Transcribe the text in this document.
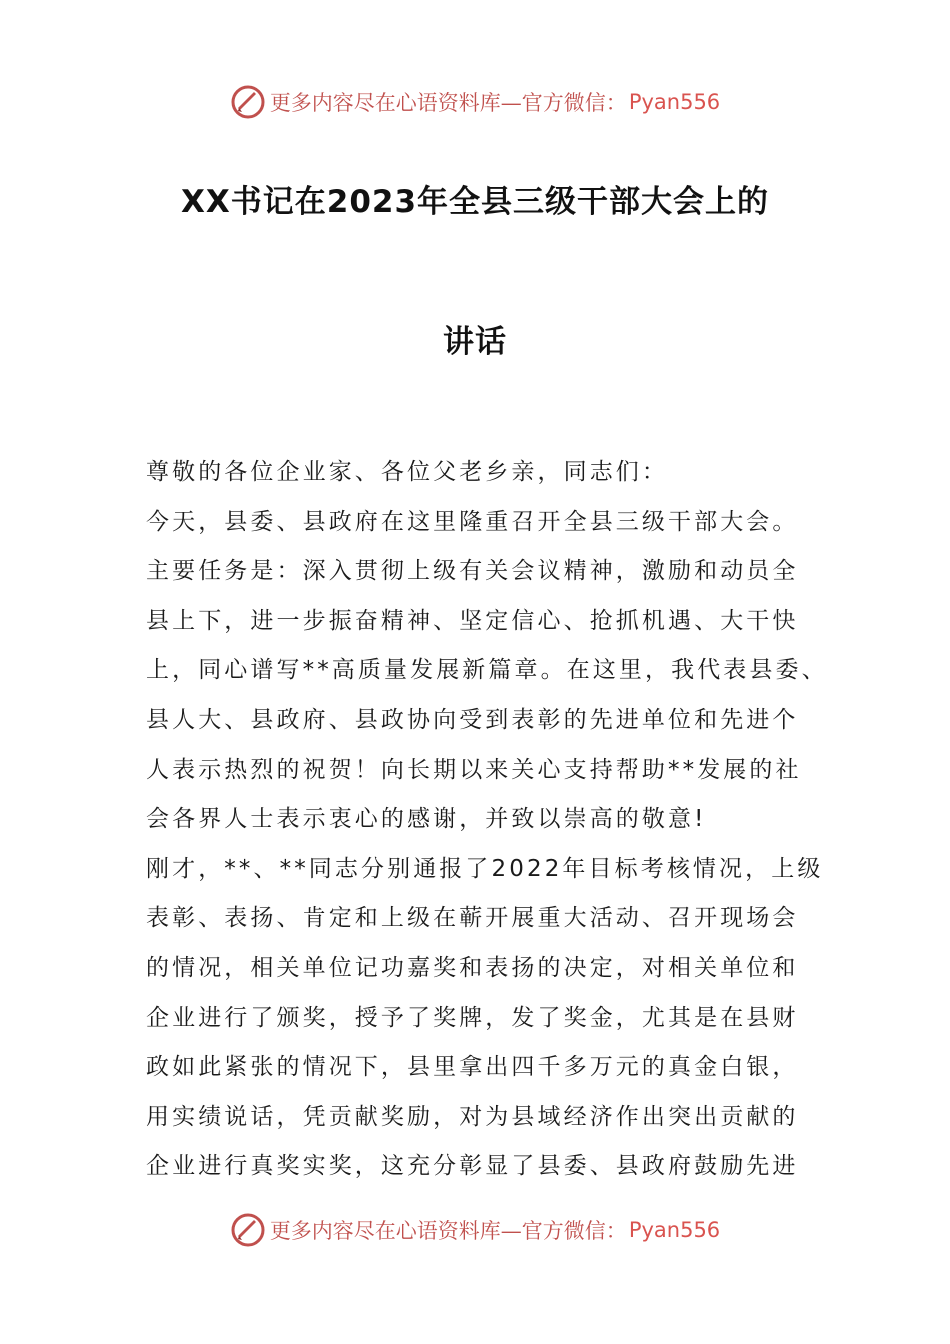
更多内容尽在心语资料库—官方微信： Pyan556
XX书记在2023年全县三级干部大会上的
讲话
尊敬的各位企业家、各位父老乡亲，同志们：
今天，县委、县政府在这里隆重召开全县三级干部大会。
主要任务是：深入贯彻上级有关会议精神，激励和动员全
县上下，进一步振奋精神、坚定信心、抢抓机遇、大干快
上，同心谱写**高质量发展新篇章。在这里，我代表县委、
县人大、县政府、县政协向受到表彰的先进单位和先进个
人表示热烈的祝贺！向长期以来关心支持帮助**发展的社
会各界人士表示衷心的感谢，并致以崇高的敬意!
刚才，**、**同志分别通报了2022年目标考核情况，上级
表彰、表扬、肯定和上级在蕲开展重大活动、召开现场会
的情况，相关单位记功嘉奖和表扬的决定，对相关单位和
企业进行了颁奖，授予了奖牌，发了奖金，尤其是在县财
政如此紧张的情况下，县里拿出四千多万元的真金白银，
用实绩说话，凭贡献奖励，对为县域经济作出突出贡献的
企业进行真奖实奖，这充分彰显了县委、县政府鼓励先进
更多内容尽在心语资料库—官方微信： Pyan556
